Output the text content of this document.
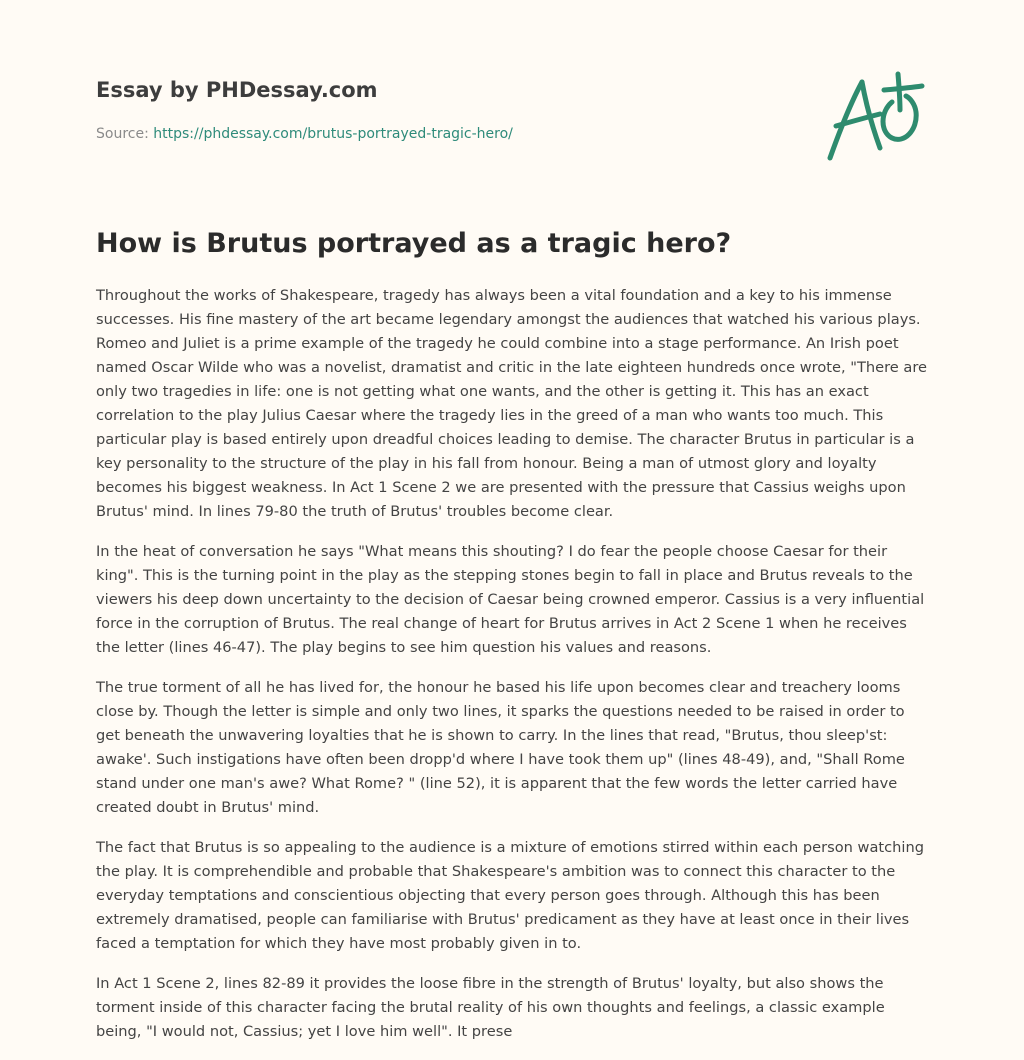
Essay by PHDessay.com
Source: https://phdessay.com/brutus-portrayed-tragic-hero/
How is Brutus portrayed as a tragic hero?

Throughout the works of Shakespeare, tragedy has always been a vital foundation and a key to his immense successes. His fine mastery of the art became legendary amongst the audiences that watched his various plays. Romeo and Juliet is a prime example of the tragedy he could combine into a stage performance. An Irish poet named Oscar Wilde who was a novelist, dramatist and critic in the late eighteen hundreds once wrote, "There are only two tragedies in life: one is not getting what one wants, and the other is getting it. This has an exact correlation to the play Julius Caesar where the tragedy lies in the greed of a man who wants too much. This particular play is based entirely upon dreadful choices leading to demise. The character Brutus in particular is a key personality to the structure of the play in his fall from honour. Being a man of utmost glory and loyalty becomes his biggest weakness. In Act 1 Scene 2 we are presented with the pressure that Cassius weighs upon Brutus' mind. In lines 79-80 the truth of Brutus' troubles become clear.

In the heat of conversation he says "What means this shouting? I do fear the people choose Caesar for their king". This is the turning point in the play as the stepping stones begin to fall in place and Brutus reveals to the viewers his deep down uncertainty to the decision of Caesar being crowned emperor. Cassius is a very influential force in the corruption of Brutus. The real change of heart for Brutus arrives in Act 2 Scene 1 when he receives the letter (lines 46-47). The play begins to see him question his values and reasons.

The true torment of all he has lived for, the honour he based his life upon becomes clear and treachery looms close by. Though the letter is simple and only two lines, it sparks the questions needed to be raised in order to get beneath the unwavering loyalties that he is shown to carry. In the lines that read, "Brutus, thou sleep'st: awake'. Such instigations have often been dropp'd where I have took them up" (lines 48-49), and, "Shall Rome stand under one man's awe? What Rome? " (line 52), it is apparent that the few words the letter carried have created doubt in Brutus' mind.

The fact that Brutus is so appealing to the audience is a mixture of emotions stirred within each person watching the play. It is comprehendible and probable that Shakespeare's ambition was to connect this character to the everyday temptations and conscientious objecting that every person goes through. Although this has been extremely dramatised, people can familiarise with Brutus' predicament as they have at least once in their lives faced a temptation for which they have most probably given in to.

In Act 1 Scene 2, lines 82-89 it provides the loose fibre in the strength of Brutus' loyalty, but also shows the torment inside of this character facing the brutal reality of his own thoughts and feelings, a classic example being, "I would not, Cassius; yet I love him well". It prese
